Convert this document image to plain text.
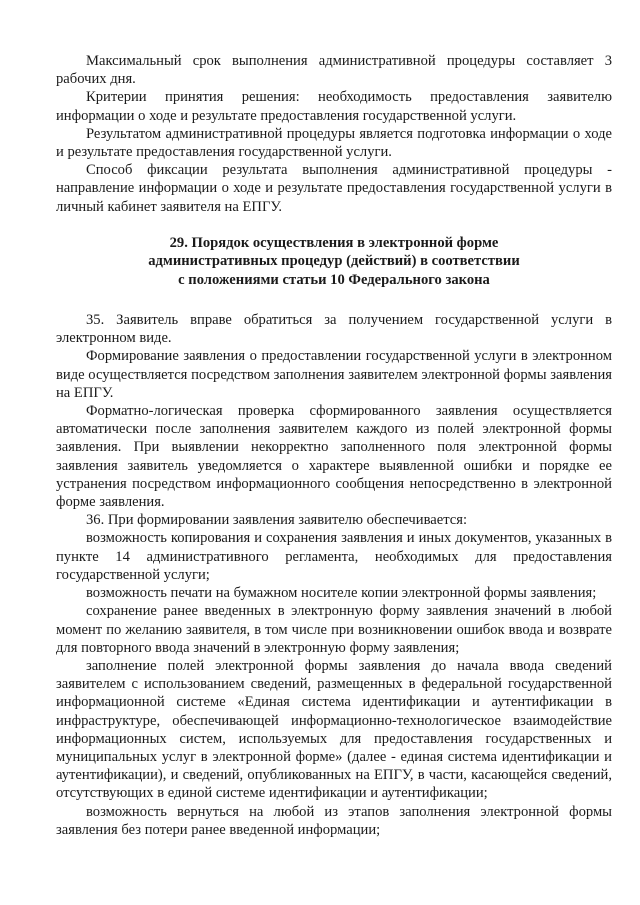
Максимальный срок выполнения административной процедуры составляет 3 рабочих дня.

Критерии принятия решения: необходимость предоставления заявителю информации о ходе и результате предоставления государственной услуги.

Результатом административной процедуры является подготовка информации о ходе и результате предоставления государственной услуги.

Способ фиксации результата выполнения административной процедуры - направление информации о ходе и результате предоставления государственной услуги в личный кабинет заявителя на ЕПГУ.

29. Порядок осуществления в электронной форме
административных процедур (действий) в соответствии
с положениями статьи 10 Федерального закона

35. Заявитель вправе обратиться за получением государственной услуги в электронном виде.

Формирование заявления о предоставлении государственной услуги в электронном виде осуществляется посредством заполнения заявителем электронной формы заявления на ЕПГУ.

Форматно-логическая проверка сформированного заявления осуществляется автоматически после заполнения заявителем каждого из полей электронной формы заявления. При выявлении некорректно заполненного поля электронной формы заявления заявитель уведомляется о характере выявленной ошибки и порядке ее устранения посредством информационного сообщения непосредственно в электронной форме заявления.

36. При формировании заявления заявителю обеспечивается:

возможность копирования и сохранения заявления и иных документов, указанных в пункте 14 административного регламента, необходимых для предоставления государственной услуги;

возможность печати на бумажном носителе копии электронной формы заявления;

сохранение ранее введенных в электронную форму заявления значений в любой момент по желанию заявителя, в том числе при возникновении ошибок ввода и возврате для повторного ввода значений в электронную форму заявления;

заполнение полей электронной формы заявления до начала ввода сведений заявителем с использованием сведений, размещенных в федеральной государственной информационной системе «Единая система идентификации и аутентификации в инфраструктуре, обеспечивающей информационно-технологическое взаимодействие информационных систем, используемых для предоставления государственных и муниципальных услуг в электронной форме» (далее - единая система идентификации и аутентификации), и сведений, опубликованных на ЕПГУ, в части, касающейся сведений, отсутствующих в единой системе идентификации и аутентификации;

возможность вернуться на любой из этапов заполнения электронной формы заявления без потери ранее введенной информации;
